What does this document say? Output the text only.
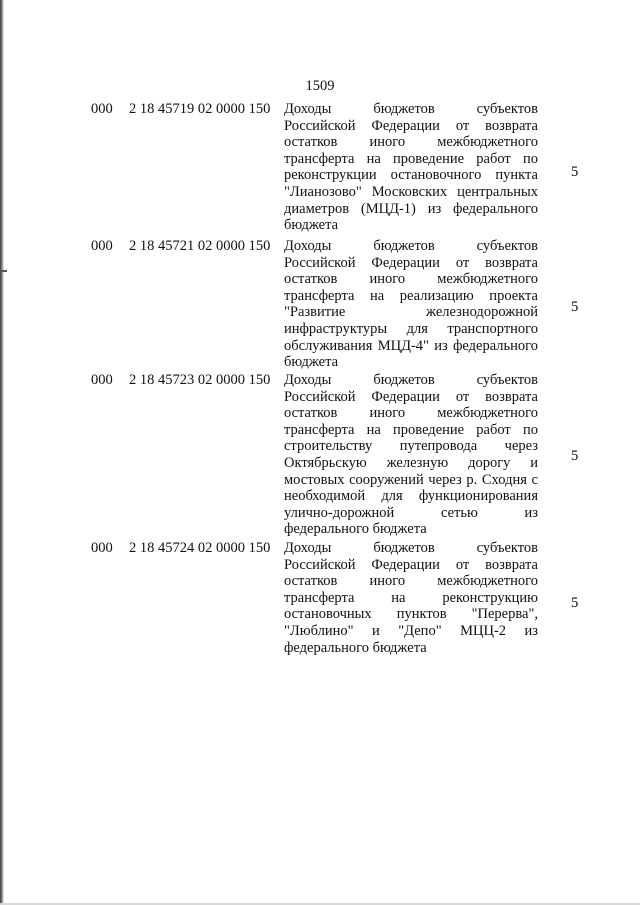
1509
000 2 18 45719 02 0000 150 Доходы бюджетов субъектов
Российской Федерации от возврата
остатков иного межбюджетного
трансферта на проведение работ по
реконструкции остановочного пункта
"Лианозово" Московских центральных
диаметров (МЦД-1) из федерального
бюджета
5
000 2 18 45721 02 0000 150 Доходы бюджетов субъектов
Российской Федерации от возврата
остатков иного межбюджетного
трансферта на реализацию проекта
"Развитие железнодорожной
инфраструктуры для транспортного
обслуживания МЦД-4" из федерального
бюджета
5
000 2 18 45723 02 0000 150 Доходы бюджетов субъектов
Российской Федерации от возврата
остатков иного межбюджетного
трансферта на проведение работ по
строительству путепровода через
Октябрьскую железную дорогу и
мостовых сооружений через р. Сходня с
необходимой для функционирования
улично-дорожной сетью из
федерального бюджета
5
000 2 18 45724 02 0000 150 Доходы бюджетов субъектов
Российской Федерации от возврата
остатков иного межбюджетного
трансферта на реконструкцию
остановочных пунктов "Перерва",
"Люблино" и "Депо" МЦЦ-2 из
федерального бюджета
5
